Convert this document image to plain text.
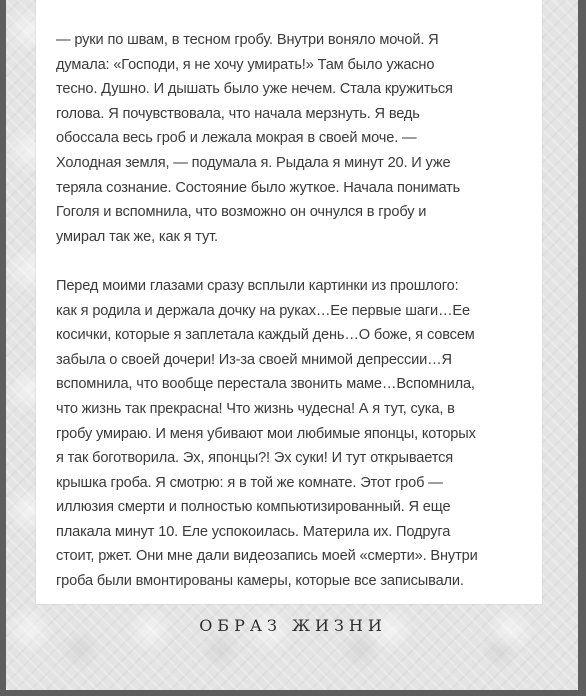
— руки по швам, в тесном гробу. Внутри воняло мочой. Я
думала: «Господи, я не хочу умирать!» Там было ужасно
тесно. Душно. И дышать было уже нечем. Стала кружиться
голова. Я почувствовала, что начала мерзнуть. Я ведь
обоссала весь гроб и лежала мокрая в своей моче. —
Холодная земля, — подумала я. Рыдала я минут 20. И уже
теряла сознание. Состояние было жуткое. Начала понимать
Гоголя и вспомнила, что возможно он очнулся в гробу и
умирал так же, как я тут.
Перед моими глазами сразу всплыли картинки из прошлого:
как я родила и держала дочку на руках…Ее первые шаги…Ее
косички, которые я заплетала каждый день…О боже, я совсем
забыла о своей дочери! Из-за своей мнимой депрессии…Я
вспомнила, что вообще перестала звонить маме…Вспомнила,
что жизнь так прекрасна! Что жизнь чудесна! А я тут, сука, в
гробу умираю. И меня убивают мои любимые японцы, которых
я так боготворила. Эх, японцы?! Эх суки! И тут открывается
крышка гроба. Я смотрю: я в той же комнате. Этот гроб —
иллюзия смерти и полностью компьютизированный. Я еще
плакала минут 10. Еле успокоилась. Материла их. Подруга
стоит, ржет. Они мне дали видеозапись моей «смерти». Внутри
гроба были вмонтированы камеры, которые все записывали.
ОБРАЗ ЖИЗНИ
